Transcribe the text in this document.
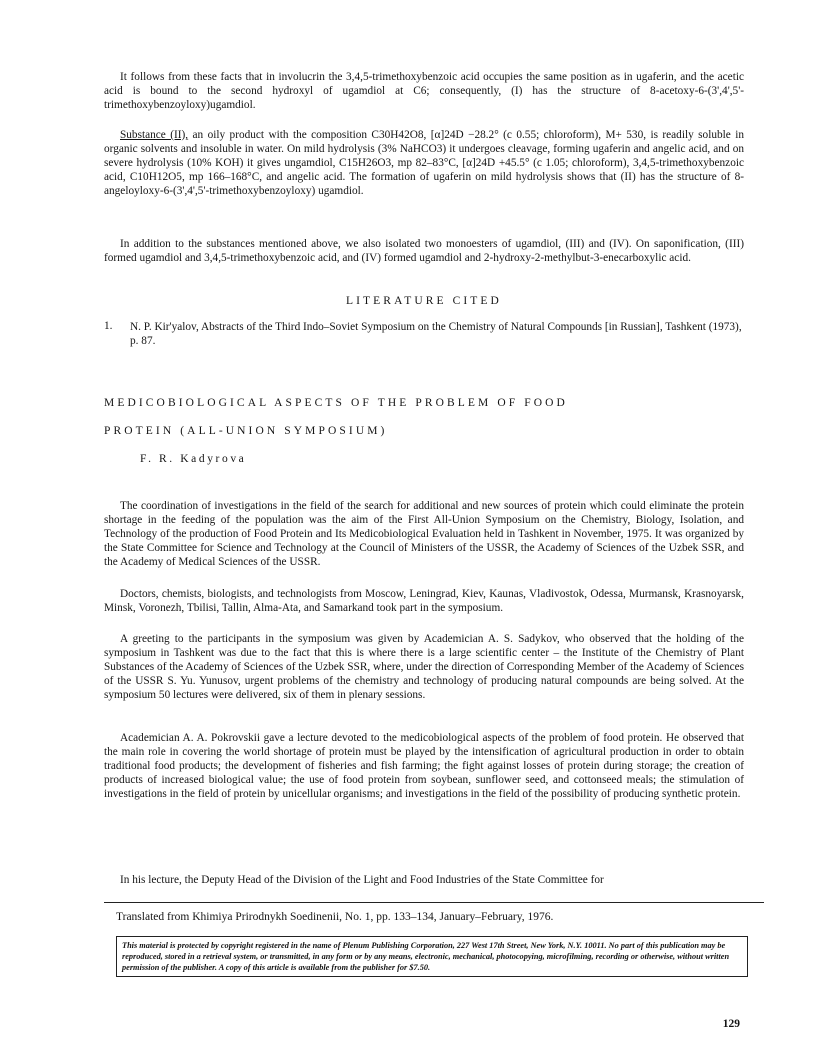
It follows from these facts that in involucrin the 3,4,5-trimethoxybenzoic acid occupies the same position as in ugaferin, and the acetic acid is bound to the second hydroxyl of ugamdiol at C6; consequently, (I) has the structure of 8-acetoxy-6-(3',4',5'-trimethoxybenzoyloxy)ugamdiol.

Substance (II), an oily product with the composition C30H42O8, [α]24D −28.2° (c 0.55; chloroform), M+ 530, is readily soluble in organic solvents and insoluble in water. On mild hydrolysis (3% NaHCO3) it undergoes cleavage, forming ugaferin and angelic acid, and on severe hydrolysis (10% KOH) it gives ungamdiol, C15H26O3, mp 82–83°C, [α]24D +45.5° (c 1.05; chloroform), 3,4,5-trimethoxybenzoic acid, C10H12O5, mp 166–168°C, and angelic acid. The formation of ugaferin on mild hydrolysis shows that (II) has the structure of 8-angeloyloxy-6-(3',4',5'-trimethoxybenzoyloxy) ugamdiol.

In addition to the substances mentioned above, we also isolated two monoesters of ugamdiol, (III) and (IV). On saponification, (III) formed ugamdiol and 3,4,5-trimethoxybenzoic acid, and (IV) formed ugamdiol and 2-hydroxy-2-methylbut-3-enecarboxylic acid.

LITERATURE CITED
1. N. P. Kir'yalov, Abstracts of the Third Indo–Soviet Symposium on the Chemistry of Natural Compounds [in Russian], Tashkent (1973), p. 87.

MEDICOBIOLOGICAL ASPECTS OF THE PROBLEM OF FOOD
PROTEIN (ALL-UNION SYMPOSIUM)
F. R. Kadyrova

The coordination of investigations in the field of the search for additional and new sources of protein which could eliminate the protein shortage in the feeding of the population was the aim of the First All-Union Symposium on the Chemistry, Biology, Isolation, and Technology of the production of Food Protein and Its Medicobiological Evaluation held in Tashkent in November, 1975. It was organized by the State Committee for Science and Technology at the Council of Ministers of the USSR, the Academy of Sciences of the Uzbek SSR, and the Academy of Medical Sciences of the USSR.

Doctors, chemists, biologists, and technologists from Moscow, Leningrad, Kiev, Kaunas, Vladivostok, Odessa, Murmansk, Krasnoyarsk, Minsk, Voronezh, Tbilisi, Tallin, Alma-Ata, and Samarkand took part in the symposium.

A greeting to the participants in the symposium was given by Academician A. S. Sadykov, who observed that the holding of the symposium in Tashkent was due to the fact that this is where there is a large scientific center – the Institute of the Chemistry of Plant Substances of the Academy of Sciences of the Uzbek SSR, where, under the direction of Corresponding Member of the Academy of Sciences of the USSR S. Yu. Yunusov, urgent problems of the chemistry and technology of producing natural compounds are being solved. At the symposium 50 lectures were delivered, six of them in plenary sessions.

Academician A. A. Pokrovskii gave a lecture devoted to the medicobiological aspects of the problem of food protein. He observed that the main role in covering the world shortage of protein must be played by the intensification of agricultural production in order to obtain traditional food products; the development of fisheries and fish farming; the fight against losses of protein during storage; the creation of products of increased biological value; the use of food protein from soybean, sunflower seed, and cottonseed meals; the stimulation of investigations in the field of protein by unicellular organisms; and investigations in the field of the possibility of producing synthetic protein.

In his lecture, the Deputy Head of the Division of the Light and Food Industries of the State Committee for

Translated from Khimiya Prirodnykh Soedinenii, No. 1, pp. 133–134, January–February, 1976.

This material is protected by copyright registered in the name of Plenum Publishing Corporation, 227 West 17th Street, New York, N.Y. 10011. No part of this publication may be reproduced, stored in a retrieval system, or transmitted, in any form or by any means, electronic, mechanical, photocopying, microfilming, recording or otherwise, without written permission of the publisher. A copy of this article is available from the publisher for $7.50.

129
